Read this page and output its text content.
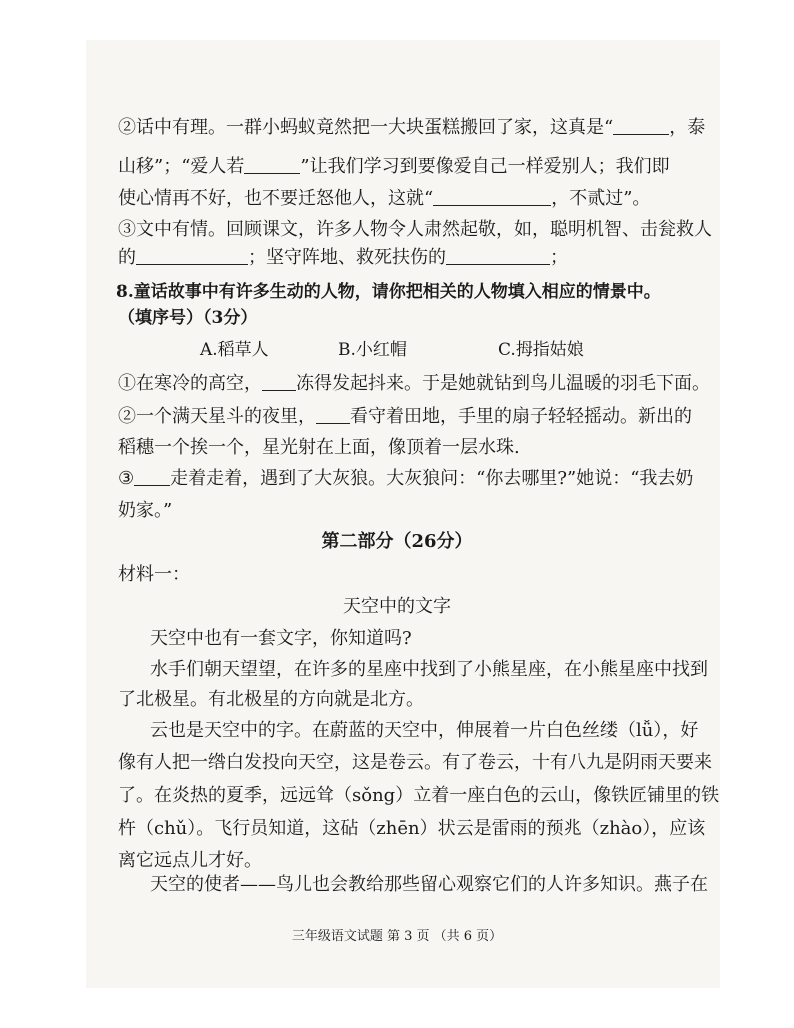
②话中有理。一群小蚂蚁竟然把一大块蛋糕搬回了家，这真是“	，泰

山移”；“爱人若	”让我们学习到要像爱自己一样爱别人；我们即

使心情再不好，也不要迁怒他人，这就“	，不贰过”。

③文中有情。回顾课文，许多人物令人肃然起敬，如，聪明机智、击瓮救人

的	；坚守阵地、救死扶伤的	；

8.童话故事中有许多生动的人物，请你把相关的人物填入相应的情景中。

（填序号）（3分）

A.稻草人	B.小红帽	C.拇指姑娘

①在寒冷的高空， 冻得发起抖来。于是她就钻到鸟儿温暖的羽毛下面。

②一个满天星斗的夜里， 看守着田地，手里的扇子轻轻摇动。新出的

稻穗一个挨一个，星光射在上面，像顶着一层水珠.

③ 走着走着，遇到了大灰狼。大灰狼问：“你去哪里?”她说：“我去奶

奶家。”

第二部分（26分）

材料一：

天空中的文字

天空中也有一套文字，你知道吗?

水手们朝天望望，在许多的星座中找到了小熊星座，在小熊星座中找到

了北极星。有北极星的方向就是北方。

云也是天空中的字。在蔚蓝的天空中，伸展着一片白色丝缕（lǚ），好

像有人把一绺白发投向天空，这是卷云。有了卷云，十有八九是阴雨天要来

了。在炎热的夏季，远远耸（sǒng）立着一座白色的云山，像铁匠铺里的铁

杵（chǔ）。飞行员知道，这砧（zhēn）状云是雷雨的预兆（zhào），应该

离它远点儿才好。

天空的使者——鸟儿也会教给那些留心观察它们的人许多知识。燕子在

三年级语文试题 第 3 页 （共 6 页）
